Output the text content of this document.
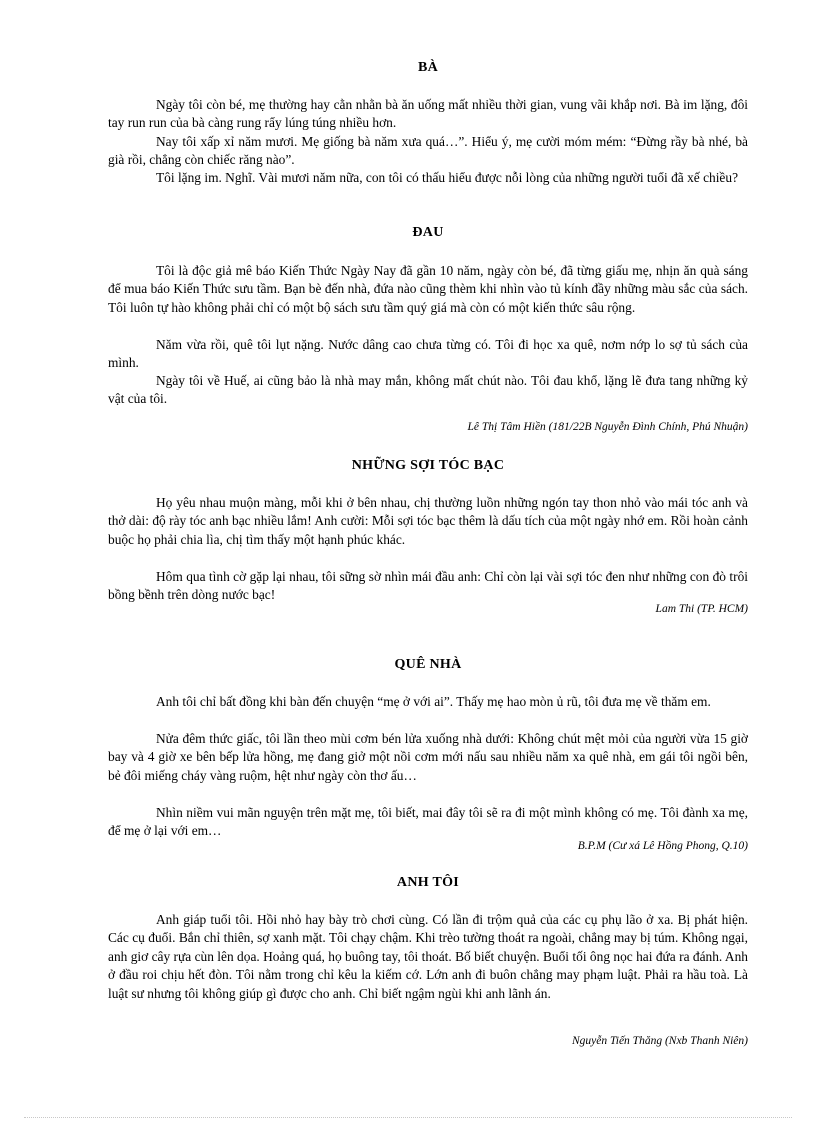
BÀ

Ngày tôi còn bé, mẹ thường hay cằn nhằn bà ăn uống mất nhiều thời gian, vung vãi khắp nơi. Bà im lặng, đôi tay run run của bà càng rung rẩy lúng túng nhiều hơn.

Nay tôi xấp xỉ năm mươi. Mẹ giống bà năm xưa quá…”. Hiểu ý, mẹ cười móm mém: “Đừng rầy bà nhé, bà già rồi, chẳng còn chiếc răng nào”.

Tôi lặng im. Nghĩ. Vài mươi năm nữa, con tôi có thấu hiểu được nỗi lòng của những người tuổi đã xế chiều?

ĐAU

Tôi là độc giả mê báo Kiến Thức Ngày Nay đã gần 10 năm, ngày còn bé, đã từng giấu mẹ, nhịn ăn quà sáng để mua báo Kiến Thức sưu tầm. Bạn bè đến nhà, đứa nào cũng thèm khi nhìn vào tủ kính đầy những màu sắc của sách. Tôi luôn tự hào không phải chỉ có một bộ sách sưu tầm quý giá mà còn có một kiến thức sâu rộng.

Năm vừa rồi, quê tôi lụt nặng. Nước dâng cao chưa từng có. Tôi đi học xa quê, nơm nớp lo sợ tủ sách của mình.

Ngày tôi về Huế, ai cũng bảo là nhà may mắn, không mất chút nào. Tôi đau khổ, lặng lẽ đưa tang những kỷ vật của tôi.

Lê Thị Tâm Hiền (181/22B Nguyễn Đình Chính, Phú Nhuận)
NHỮNG SỢI TÓC BẠC

Họ yêu nhau muộn màng, mỗi khi ở bên nhau, chị thường luồn những ngón tay thon nhỏ vào mái tóc anh và thở dài: độ rày tóc anh bạc nhiều lắm! Anh cười: Mỗi sợi tóc bạc thêm là dấu tích của một ngày nhớ em. Rồi hoàn cảnh buộc họ phải chia lìa, chị tìm thấy một hạnh phúc khác.

Hôm qua tình cờ gặp lại nhau, tôi sững sờ nhìn mái đầu anh: Chỉ còn lại vài sợi tóc đen như những con đò trôi bồng bềnh trên dòng nước bạc!

Lam Thi (TP. HCM)
QUÊ NHÀ

Anh tôi chỉ bất đồng khi bàn đến chuyện “mẹ ở với ai”. Thấy mẹ hao mòn ủ rũ, tôi đưa mẹ về thăm em.

Nửa đêm thức giấc, tôi lần theo mùi cơm bén lửa xuống nhà dưới: Không chút mệt mỏi của người vừa 15 giờ bay và 4 giờ xe bên bếp lửa hồng, mẹ đang giở một nồi cơm mới nấu sau nhiều năm xa quê nhà, em gái tôi ngồi bên, bẻ đôi miếng cháy vàng ruộm, hệt như ngày còn thơ ấu…

Nhìn niềm vui mãn nguyện trên mặt mẹ, tôi biết, mai đây tôi sẽ ra đi một mình không có mẹ. Tôi đành xa mẹ, để mẹ ở lại với em…

B.P.M (Cư xá Lê Hồng Phong, Q.10)
ANH TÔI

Anh giáp tuổi tôi. Hồi nhỏ hay bày trò chơi cùng. Có lần đi trộm quả của các cụ phụ lão ở xa. Bị phát hiện. Các cụ đuổi. Bắn chỉ thiên, sợ xanh mặt. Tôi chạy chậm. Khi trèo tường thoát ra ngoài, chẳng may bị túm. Không ngại, anh giơ cây rựa cùn lên dọa. Hoảng quá, họ buông tay, tôi thoát. Bố biết chuyện. Buổi tối ông nọc hai đứa ra đánh. Anh ở đầu roi chịu hết đòn. Tôi nằm trong chỉ kêu la kiếm cớ. Lớn anh đi buôn chẳng may phạm luật. Phải ra hầu toà. Là luật sư nhưng tôi không giúp gì được cho anh. Chỉ biết ngậm ngùi khi anh lãnh án.

Nguyễn Tiến Thăng (Nxb Thanh Niên)
